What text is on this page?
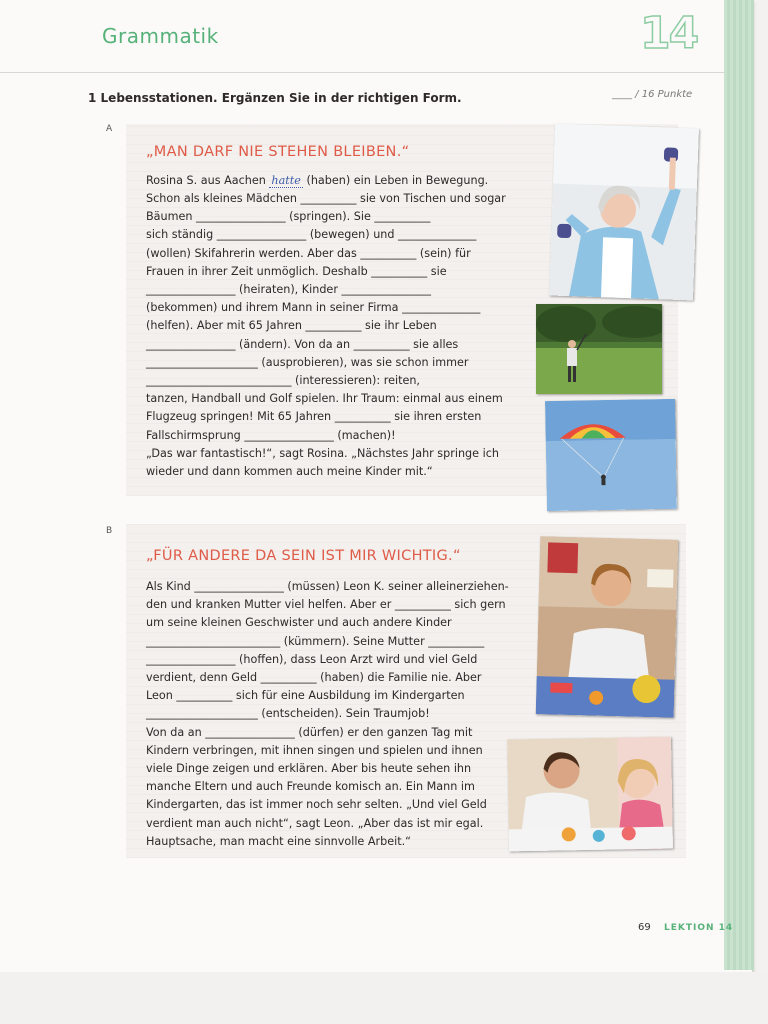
Grammatik	14
1 Lebensstationen. Ergänzen Sie in der richtigen Form.	____ / 16 Punkte
A
„MAN DARF NIE STEHEN BLEIBEN.“
Rosina S. aus Aachen hatte (haben) ein Leben in Bewegung.

Schon als kleines Mädchen __________ sie von Tischen und sogar
Bäumen ________________ (springen). Sie __________
sich ständig ________________ (bewegen) und ______________
(wollen) Skifahrerin werden. Aber das __________ (sein) für
Frauen in ihrer Zeit unmöglich. Deshalb __________ sie
________________ (heiraten), Kinder ________________
(bekommen) und ihrem Mann in seiner Firma ______________
(helfen). Aber mit 65 Jahren __________ sie ihr Leben
________________ (ändern). Von da an __________ sie alles
____________________ (ausprobieren), was sie schon immer
__________________________ (interessieren): reiten,
tanzen, Handball und Golf spielen. Ihr Traum: einmal aus einem
Flugzeug springen! Mit 65 Jahren __________ sie ihren ersten
Fallschirmsprung ________________ (machen)!
„Das war fantastisch!“, sagt Rosina. „Nächstes Jahr springe ich
wieder und dann kommen auch meine Kinder mit.“

B
„FÜR ANDERE DA SEIN IST MIR WICHTIG.“

Als Kind ________________ (müssen) Leon K. seiner alleinerziehen-
den und kranken Mutter viel helfen. Aber er __________ sich gern
um seine kleinen Geschwister und auch andere Kinder
________________________ (kümmern). Seine Mutter __________
________________ (hoffen), dass Leon Arzt wird und viel Geld
verdient, denn Geld __________ (haben) die Familie nie. Aber
Leon __________ sich für eine Ausbildung im Kindergarten
____________________ (entscheiden). Sein Traumjob!
Von da an ________________ (dürfen) er den ganzen Tag mit
Kindern verbringen, mit ihnen singen und spielen und ihnen
viele Dinge zeigen und erklären. Aber bis heute sehen ihn
manche Eltern und auch Freunde komisch an. Ein Mann im
Kindergarten, das ist immer noch sehr selten. „Und viel Geld
verdient man auch nicht“, sagt Leon. „Aber das ist mir egal.
Hauptsache, man macht eine sinnvolle Arbeit.“

69 LEKTION 14
